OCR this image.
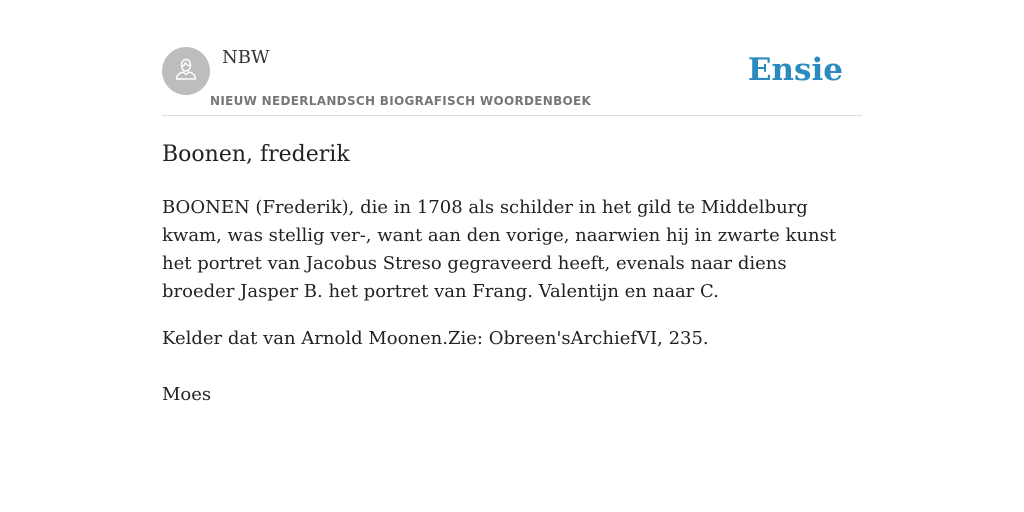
NBW
NIEUW NEDERLANDSCH BIOGRAFISCH WOORDENBOEK
Ensie
Boonen, frederik

BOONEN (Frederik), die in 1708 als schilder in het gild te Middelburg kwam, was stellig ver-, want aan den vorige, naarwien hij in zwarte kunst het portret van Jacobus Streso gegraveerd heeft, evenals naar diens broeder Jasper B. het portret van Frang. Valentijn en naar C.

Kelder dat van Arnold Moonen.Zie: Obreen'sArchiefVI, 235.

Moes
